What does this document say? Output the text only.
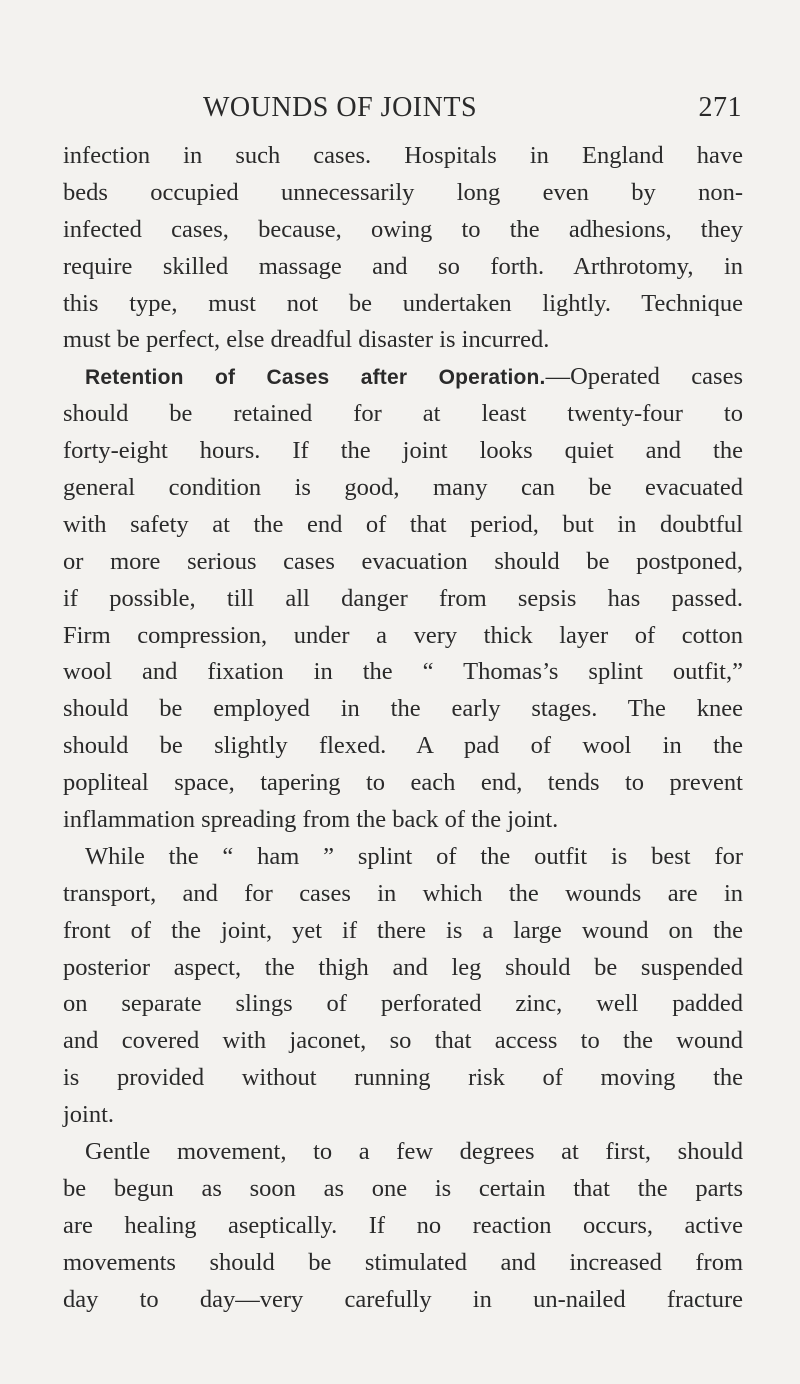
WOUNDS OF JOINTS	271
infection in such cases. Hospitals in England have
beds occupied unnecessarily long even by non-
infected cases, because, owing to the adhesions, they
require skilled massage and so forth. Arthrotomy, in
this type, must not be undertaken lightly. Technique
must be perfect, else dreadful disaster is incurred.
Retention of Cases after Operation.—Operated cases
should be retained for at least twenty-four to
forty-eight hours. If the joint looks quiet and the
general condition is good, many can be evacuated
with safety at the end of that period, but in doubtful
or more serious cases evacuation should be postponed,
if possible, till all danger from sepsis has passed.
Firm compression, under a very thick layer of cotton
wool and fixation in the “ Thomas’s splint outfit,”
should be employed in the early stages. The knee
should be slightly flexed. A pad of wool in the
popliteal space, tapering to each end, tends to prevent
inflammation spreading from the back of the joint.
While the “ ham ” splint of the outfit is best for
transport, and for cases in which the wounds are in
front of the joint, yet if there is a large wound on the
posterior aspect, the thigh and leg should be suspended
on separate slings of perforated zinc, well padded
and covered with jaconet, so that access to the wound
is provided without running risk of moving the
joint.
Gentle movement, to a few degrees at first, should
be begun as soon as one is certain that the parts
are healing aseptically. If no reaction occurs, active
movements should be stimulated and increased from
day to day—very carefully in un-nailed fracture
